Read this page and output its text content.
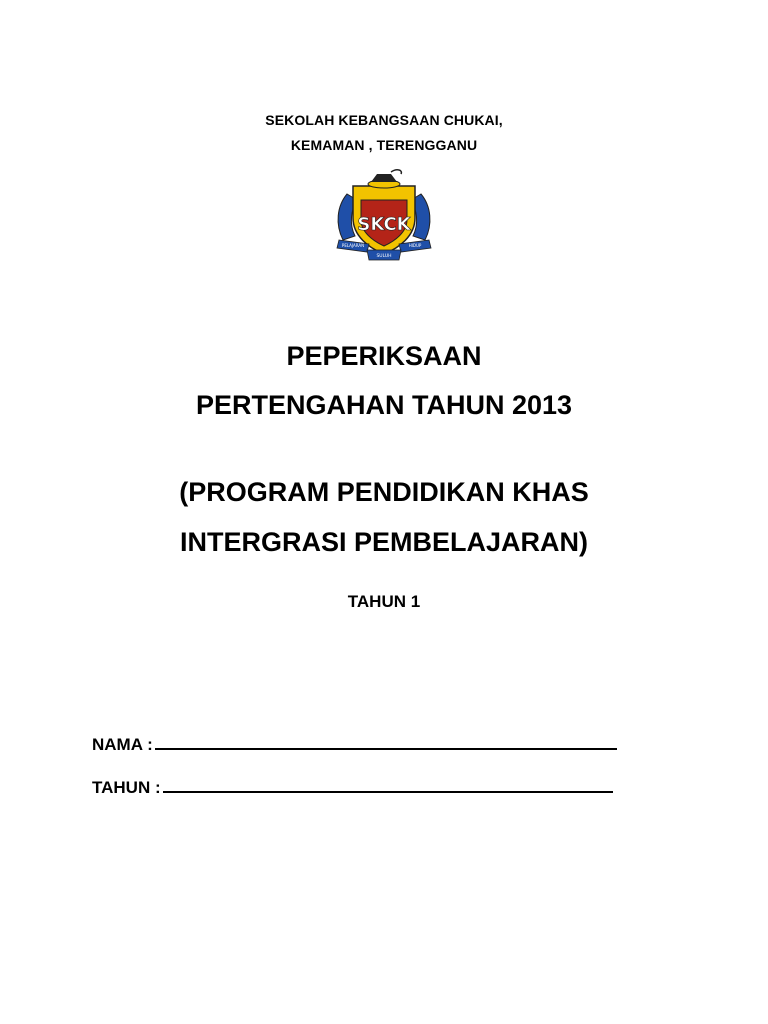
SEKOLAH KEBANGSAAN CHUKAI,
KEMAMAN , TERENGGANU
SKCK
PELAJARAN	HIDUP
SULUH
PEPERIKSAAN
PERTENGAHAN TAHUN 2013
(PROGRAM PENDIDIKAN KHAS
INTERGRASI PEMBELAJARAN)
TAHUN 1
NAMA :
TAHUN :
